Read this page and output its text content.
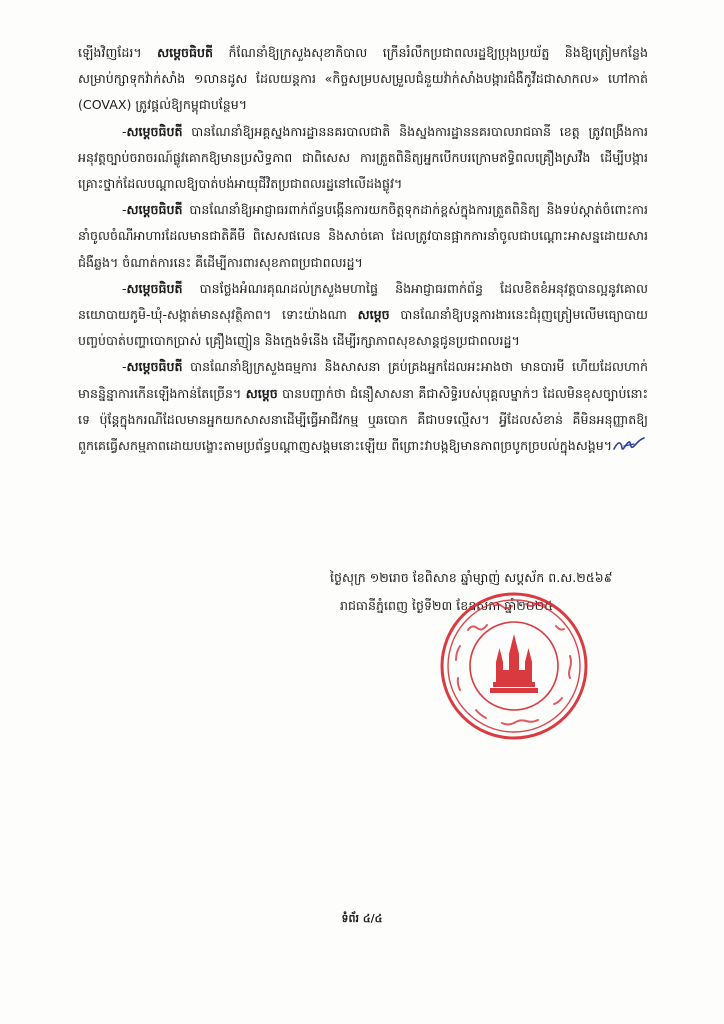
ឡើងវិញដែរ។ សម្តេចធិបតី ក៏ណែនាំឱ្យក្រសួងសុខាភិបាល ក្រើនរំលឹកប្រជាពលរដ្ឋឱ្យប្រុងប្រយ័ត្ន និងឱ្យត្រៀមកន្លែងសម្រាប់ក្សាទុកវ៉ាក់សាំង ១លានដូស ដែលយន្តការ «កិច្ចសម្របសម្រួលជំនួយវ៉ាក់សាំងបង្ការជំងឺកូវីដជាសាកល» ហៅកាត់ (COVAX) ត្រូវផ្តល់ឱ្យកម្ពុជាបន្ថែម។

-សម្តេចធិបតី បានណែនាំឱ្យអគ្គស្នងការដ្ឋាននគរបាលជាតិ និងស្នងការដ្ឋាននគរបាលរាជធានី ខេត្ត ត្រូវពង្រឹងការអនុវត្តច្បាប់ចរាចរណ៍ផ្លូវគោកឱ្យមានប្រសិទ្ធភាព ជាពិសេស ការត្រួតពិនិត្យអ្នកបើកបរក្រោមឥទ្ធិពលគ្រឿងស្រវឹង ដើម្បីបង្ការគ្រោះថ្នាក់ដែលបណ្តាលឱ្យបាត់បង់អាយុជីវិតប្រជាពលរដ្ឋនៅលើដងផ្លូវ។

-សម្តេចធិបតី បានណែនាំឱ្យអាជ្ញាធរពាក់ព័ន្ធបង្កើនការយកចិត្តទុកដាក់ខ្ពស់ក្នុងការត្រួតពិនិត្យ និងទប់ស្កាត់ចំពោះការនាំចូលចំណីអាហារដែលមានជាតិគីមី ពិសេសផលេន និងសាច់គោ ដែលត្រូវបានផ្អាកការនាំចូលជាបណ្តោះអាសន្នដោយសារជំងឺឆ្លង។ ចំណាត់ការនេះ គឺដើម្បីការពារសុខភាពប្រជាពលរដ្ឋ។

-សម្តេចធិបតី បានថ្លែងអំណរគុណដល់ក្រសួងមហាផ្ទៃ និងអាជ្ញាធរពាក់ព័ន្ធ ដែលខិតខំអនុវត្តបានល្អនូវគោលនយោបាយភូមិ-ឃុំ-សង្កាត់មានសុវត្ថិភាព។ ទោះយ៉ាងណា សម្តេច បានណែនាំឱ្យបន្តការងារនេះជំរុញត្រៀមលើមធ្យោបាយបញ្ចប់បាត់បញ្ហាបោកប្រាស់ គ្រឿងញៀន និងក្មេងទំនើង ដើម្បីរក្សាភាពសុខសាន្តជូនប្រជាពលរដ្ឋ។

-សម្តេចធិបតី បានណែនាំឱ្យក្រសួងធម្មការ និងសាសនា គ្រប់គ្រងអ្នកដែលអះអាងថា មានបារមី ហើយដែលហាក់មានន្និន្នាការកើនឡើងកាន់តែច្រើន។ សម្តេច បានបញ្ជាក់ថា ជំនឿសាសនា គឺជាសិទ្ធិរបស់បុគ្គលម្នាក់ៗ ដែលមិនខុសច្បាប់នោះទេ ប៉ុន្តែក្នុងករណីដែលមានអ្នកយកសាសនាដើម្បីធ្វើអាជីវកម្ម ឬឆបោក គឺជាបទល្មើស។ អ្វីដែលសំខាន់ គឺមិនអនុញ្ញាតឱ្យពួកគេធ្វើសកម្មភាពដោយបង្ខោះតាមប្រព័ន្ធបណ្តាញសង្គមនោះឡើយ ពីព្រោះវាបង្កឱ្យមានភាពច្របូកច្របល់ក្នុងសង្គម។

ថ្ងៃសុក្រ ១២រោច ខែពិសាខ ឆ្នាំម្សាញ់ សប្តស័ក ព.ស.២៥៦៩
រាជធានីភ្នំពេញ ថ្ងៃទី២៣ ខែឧសភា ឆ្នាំ២០២៥
ទំព័រ ៤/៤
